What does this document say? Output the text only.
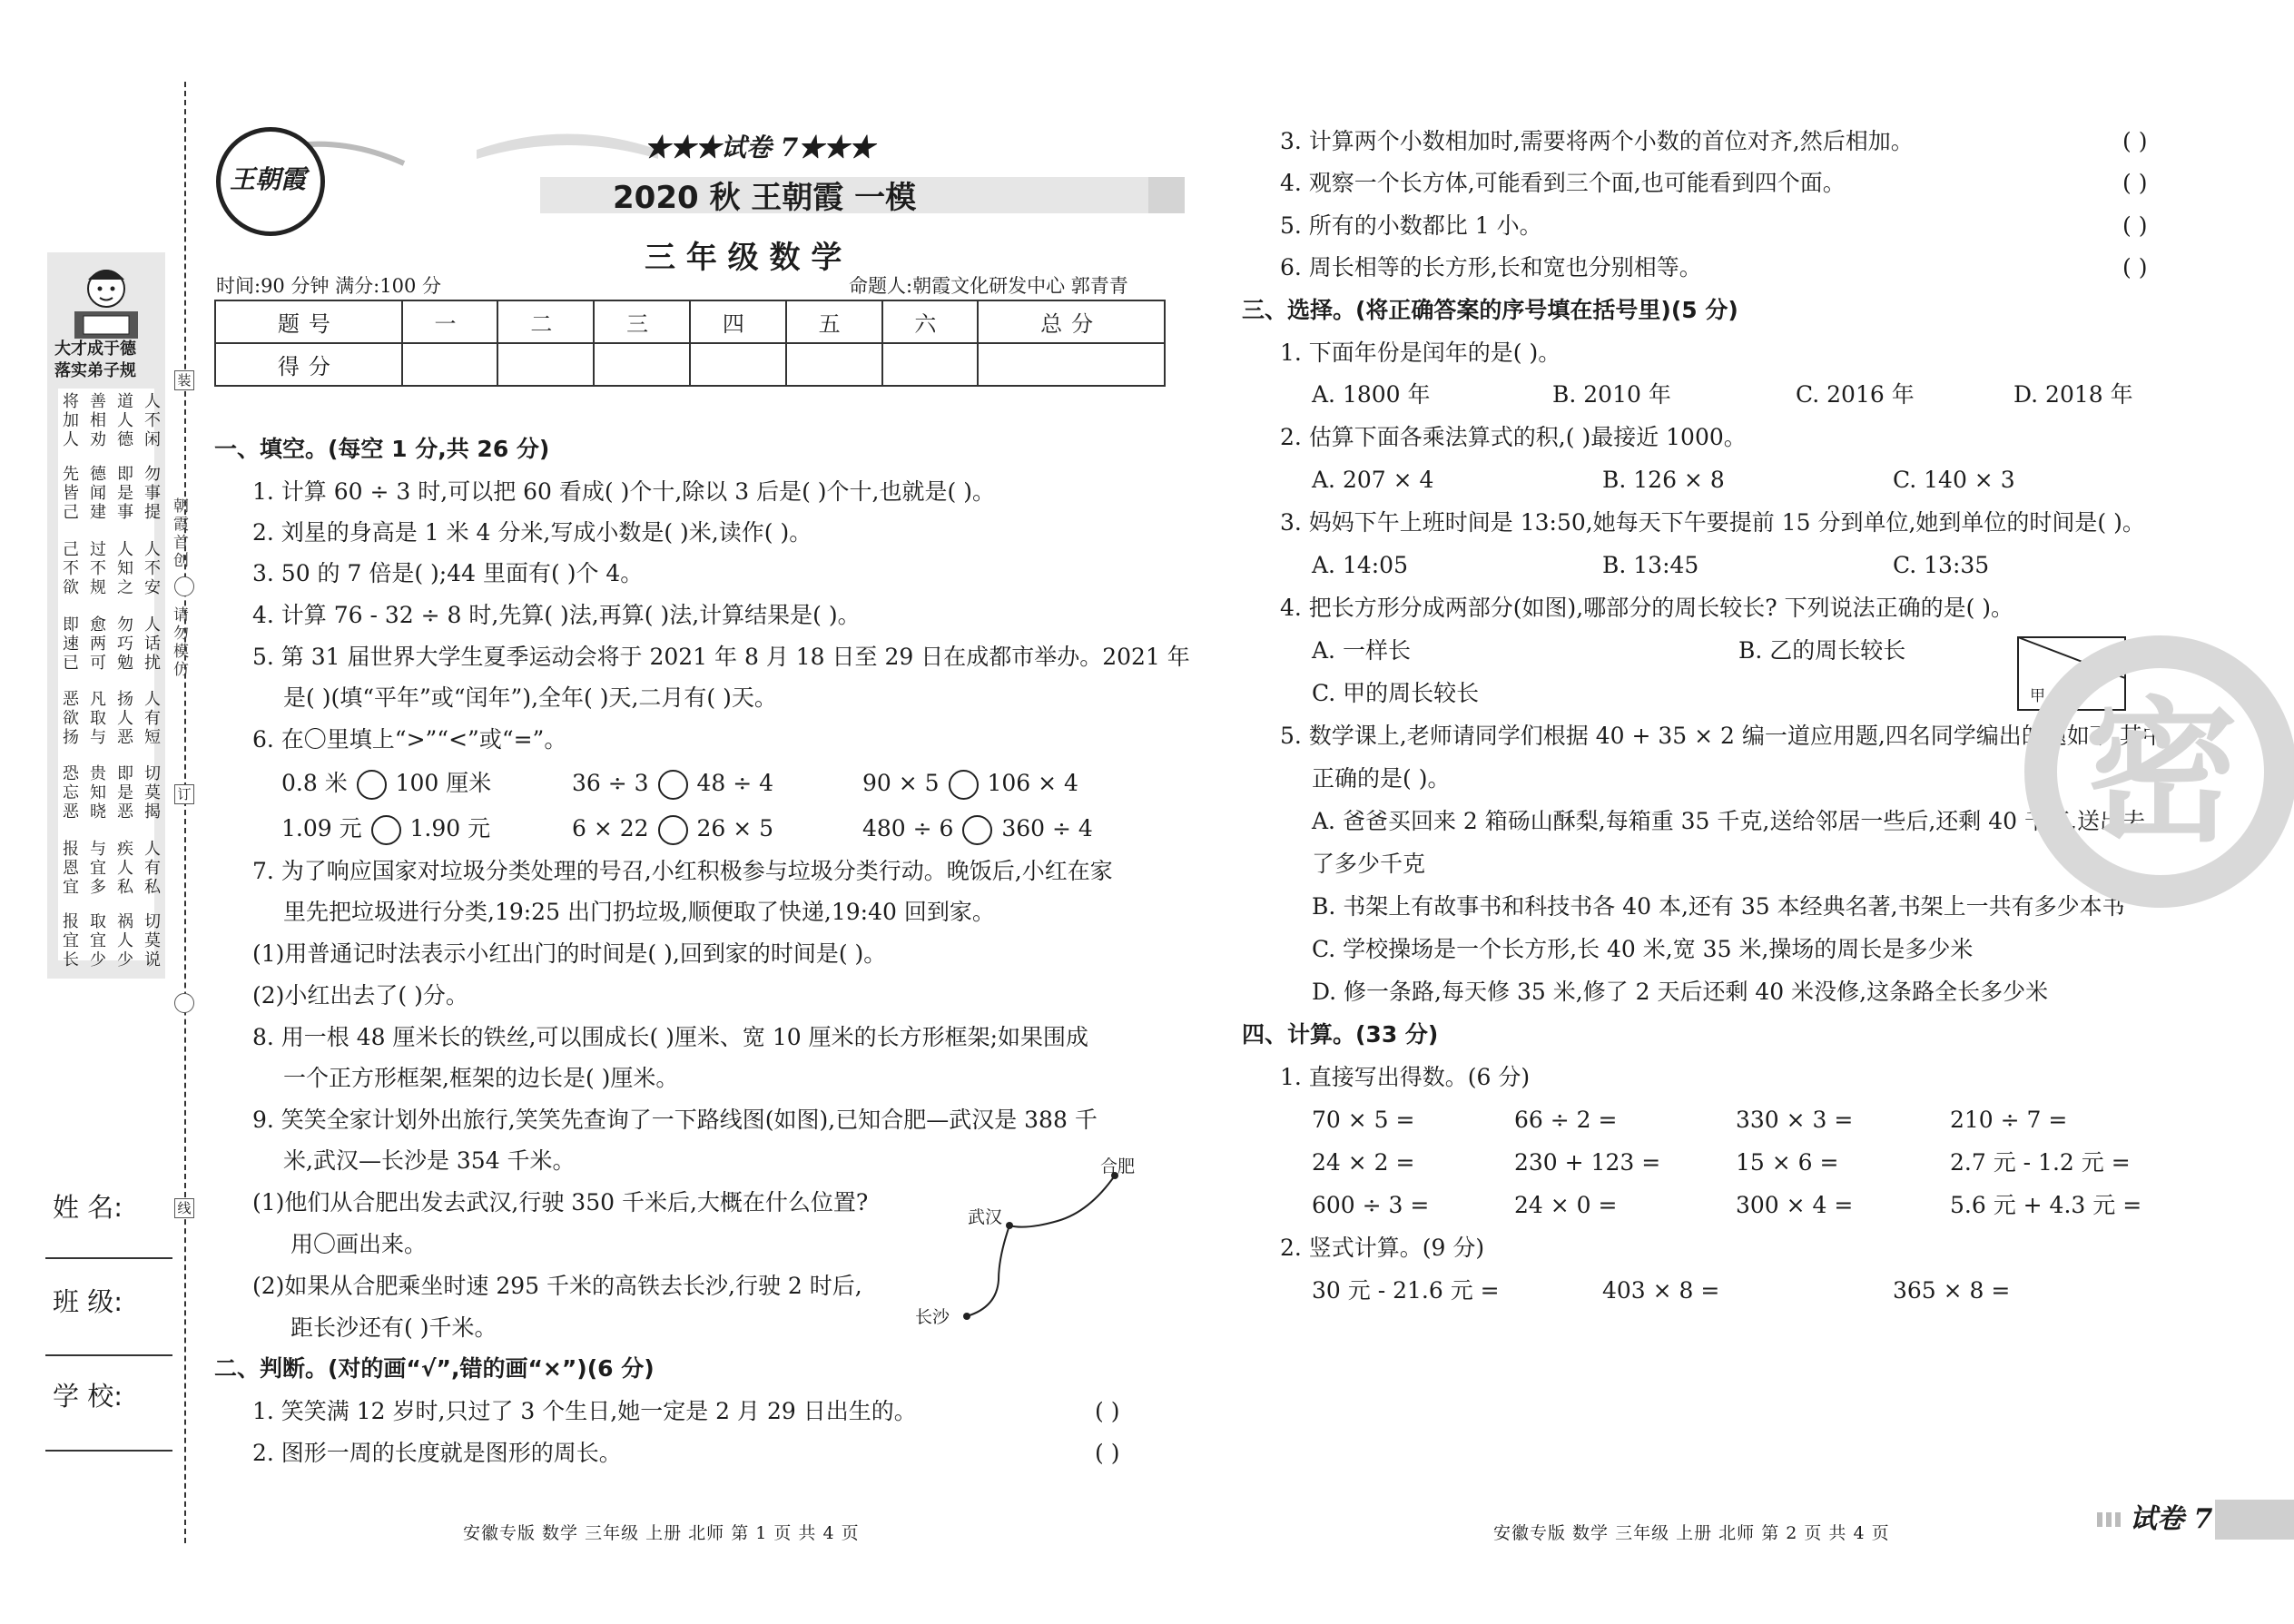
大才成于德
落实弟子规
将加人 善相劝 道人德 人不闲
先皆己 德闻建 即是事 勿事提
己不欲 过不规 人知之 人不安
即速已 愈两可 勿巧勉 人话扰
恶欲扬 凡取与 扬人恶 人有短
恐忘恶 贵知晓 即是恶 切莫揭
报恩宜 与宜多 疾人私 人有私
报宜长 取宜少 祸人少 切莫说
装
朝霞首创
请勿模仿
订
线
姓 名:
班 级:
学 校:
王朝霞
★★★试卷 7★★★
2020 秋 王朝霞 一模
三 年 级 数 学
时间:90 分钟 满分:100 分	命题人:朝霞文化研发中心 郭青青
题号	一	二	三	四	五	六	总分
得分							
一、填空。(每空 1 分,共 26 分)
1. 计算 60 ÷ 3 时,可以把 60 看成( )个十,除以 3 后是( )个十,也就是( )。
2. 刘星的身高是 1 米 4 分米,写成小数是( )米,读作( )。
3. 50 的 7 倍是( );44 里面有( )个 4。
4. 计算 76 - 32 ÷ 8 时,先算( )法,再算( )法,计算结果是( )。
5. 第 31 届世界大学生夏季运动会将于 2021 年 8 月 18 日至 29 日在成都市举办。2021 年
是( )(填“平年”或“闰年”),全年( )天,二月有( )天。
6. 在〇里填上“>”“<”或“=”。
0.8 米 100 厘米	36 ÷ 3 48 ÷ 4	90 × 5 106 × 4
1.09 元 1.90 元	6 × 22 26 × 5	480 ÷ 6 360 ÷ 4
7. 为了响应国家对垃圾分类处理的号召,小红积极参与垃圾分类行动。晚饭后,小红在家
里先把垃圾进行分类,19:25 出门扔垃圾,顺便取了快递,19:40 回到家。
(1)用普通记时法表示小红出门的时间是( ),回到家的时间是( )。
(2)小红出去了( )分。
8. 用一根 48 厘米长的铁丝,可以围成长( )厘米、宽 10 厘米的长方形框架;如果围成
一个正方形框架,框架的边长是( )厘米。
9. 笑笑全家计划外出旅行,笑笑先查询了一下路线图(如图),已知合肥—武汉是 388 千
米,武汉—长沙是 354 千米。
(1)他们从合肥出发去武汉,行驶 350 千米后,大概在什么位置?
用〇画出来。
(2)如果从合肥乘坐时速 295 千米的高铁去长沙,行驶 2 时后,
距长沙还有( )千米。
合肥
武汉
长沙
二、判断。(对的画“√”,错的画“×”)(6 分)
1. 笑笑满 12 岁时,只过了 3 个生日,她一定是 2 月 29 日出生的。	( )
2. 图形一周的长度就是图形的周长。	( )
3. 计算两个小数相加时,需要将两个小数的首位对齐,然后相加。	( )
4. 观察一个长方体,可能看到三个面,也可能看到四个面。	( )
5. 所有的小数都比 1 小。	( )
6. 周长相等的长方形,长和宽也分别相等。	( )
三、选择。(将正确答案的序号填在括号里)(5 分)
1. 下面年份是闰年的是( )。
A. 1800 年	B. 2010 年	C. 2016 年	D. 2018 年
2. 估算下面各乘法算式的积,( )最接近 1000。
A. 207 × 4	B. 126 × 8	C. 140 × 3
3. 妈妈下午上班时间是 13:50,她每天下午要提前 15 分到单位,她到单位的时间是( )。
A. 14:05	B. 13:45	C. 13:35
4. 把长方形分成两部分(如图),哪部分的周长较长? 下列说法正确的是( )。
A. 一样长	B. 乙的周长较长
C. 甲的周长较长
乙
甲
5. 数学课上,老师请同学们根据 40 + 35 × 2 编一道应用题,四名同学编出的题如下,其中
正确的是( )。
A. 爸爸买回来 2 箱砀山酥梨,每箱重 35 千克,送给邻居一些后,还剩 40 千克,送出去
了多少千克
B. 书架上有故事书和科技书各 40 本,还有 35 本经典名著,书架上一共有多少本书
C. 学校操场是一个长方形,长 40 米,宽 35 米,操场的周长是多少米
D. 修一条路,每天修 35 米,修了 2 天后还剩 40 米没修,这条路全长多少米
四、计算。(33 分)
1. 直接写出得数。(6 分)
70 × 5 =	66 ÷ 2 =	330 × 3 =	210 ÷ 7 =
24 × 2 =	230 + 123 =	15 × 6 =	2.7 元 - 1.2 元 =
600 ÷ 3 =	24 × 0 =	300 × 4 =	5.6 元 + 4.3 元 =
2. 竖式计算。(9 分)
30 元 - 21.6 元 =	403 × 8 =	365 × 8 =
密
安徽专版 数学 三年级 上册 北师 第 1 页 共 4 页	安徽专版 数学 三年级 上册 北师 第 2 页 共 4 页	试卷 7
